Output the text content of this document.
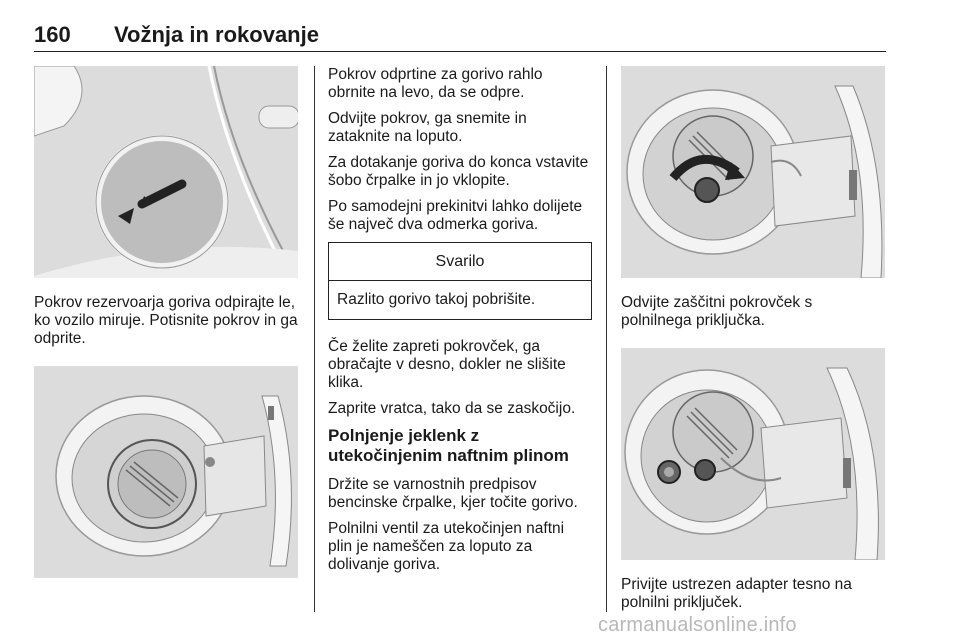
160 Vožnja in rokovanje

Pokrov rezervoarja goriva odpirajte le, ko vozilo miruje. Potisnite pokrov in ga odprite.

Pokrov odprtine za gorivo rahlo obrnite na levo, da se odpre.

Odvijte pokrov, ga snemite in zataknite na loputo.

Za dotakanje goriva do konca vstavite šobo črpalke in jo vklopite.

Po samodejni prekinitvi lahko dolijete še največ dva odmerka goriva.

Svarilo
Razlito gorivo takoj pobrišite.

Če želite zapreti pokrovček, ga obračajte v desno, dokler ne slišite klika.

Zaprite vratca, tako da se zaskočijo.

Polnjenje jeklenk z utekočinjenim naftnim plinom

Držite se varnostnih predpisov bencinske črpalke, kjer točite gorivo.

Polnilni ventil za utekočinjen naftni plin je nameščen za loputo za dolivanje goriva.

Odvijte zaščitni pokrovček s polnilnega priključka.

Privijte ustrezen adapter tesno na polnilni priključek.

carmanualsonline.info
